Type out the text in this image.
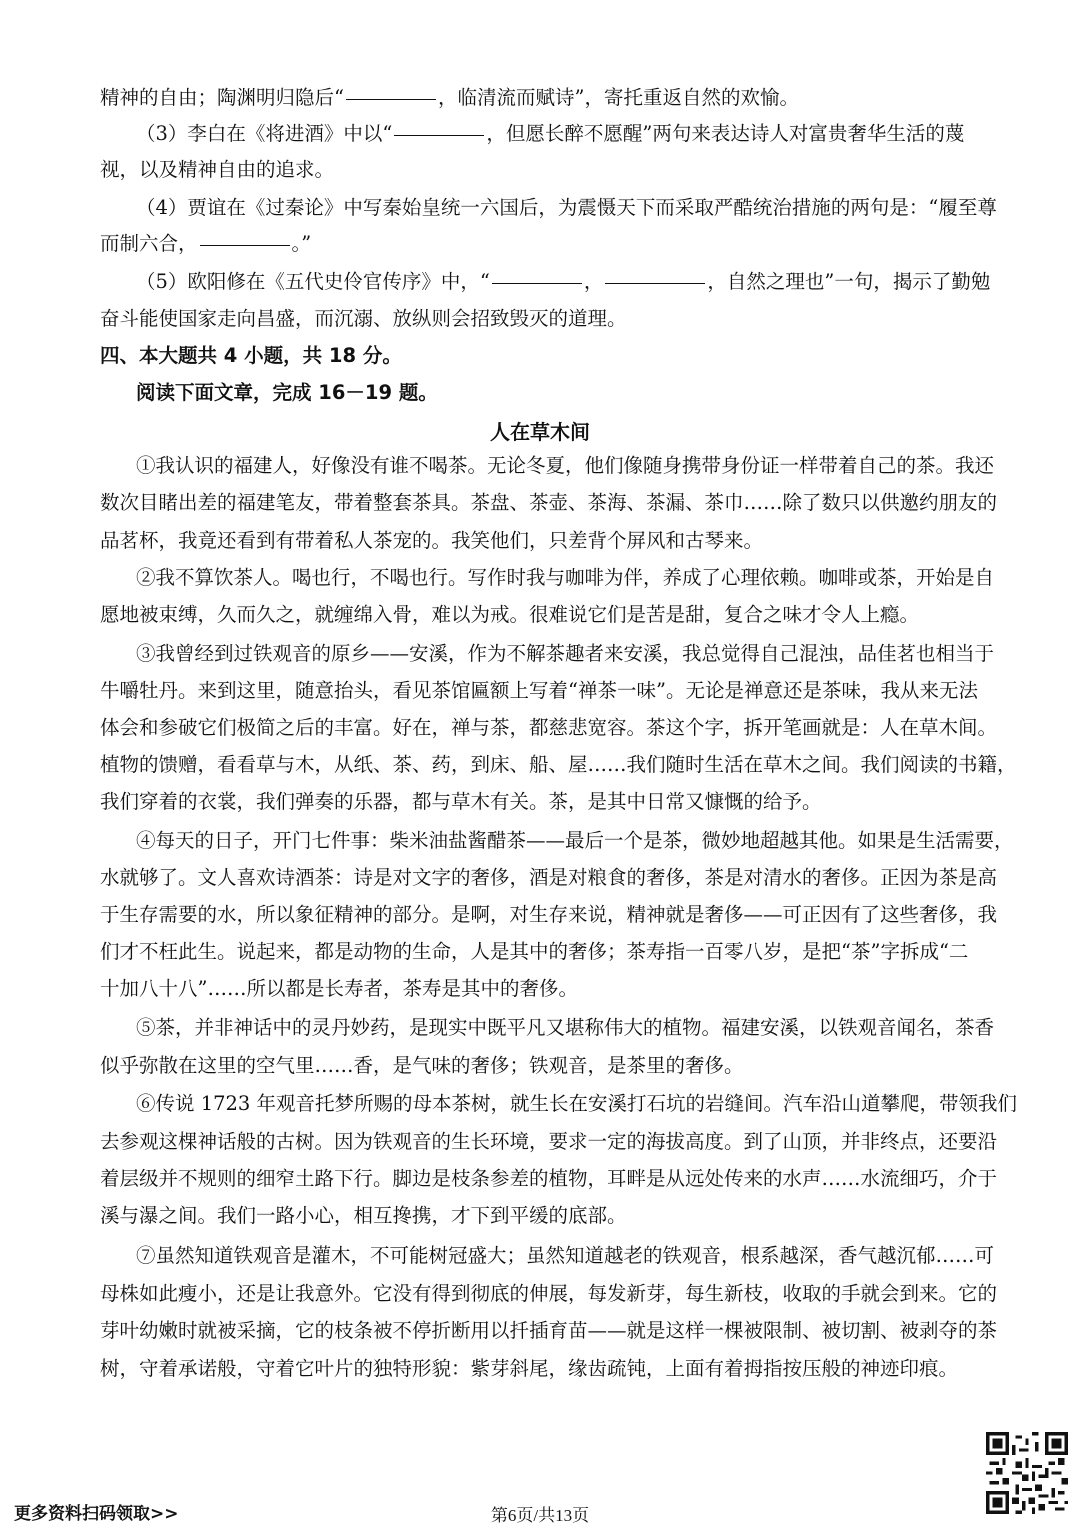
精神的自由；陶渊明归隐后“	，临清流而赋诗”，寄托重返自然的欢愉。
（3）李白在《将进酒》中以“	，但愿长醉不愿醒”两句来表达诗人对富贵奢华生活的蔑
视，以及精神自由的追求。
（4）贾谊在《过秦论》中写秦始皇统一六国后，为震慑天下而采取严酷统治措施的两句是：“履至尊
而制六合，	。”
（5）欧阳修在《五代史伶官传序》中，“	，	，自然之理也”一句，揭示了勤勉
奋斗能使国家走向昌盛，而沉溺、放纵则会招致毁灭的道理。
四、本大题共 4 小题，共 18 分。
阅读下面文章，完成 16－19 题。
人在草木间
①我认识的福建人，好像没有谁不喝茶。无论冬夏，他们像随身携带身份证一样带着自己的茶。我还
数次目睹出差的福建笔友，带着整套茶具。茶盘、茶壶、茶海、茶漏、茶巾……除了数只以供邀约朋友的
品茗杯，我竟还看到有带着私人茶宠的。我笑他们，只差背个屏风和古琴来。
②我不算饮茶人。喝也行，不喝也行。写作时我与咖啡为伴，养成了心理依赖。咖啡或茶，开始是自
愿地被束缚，久而久之，就缠绵入骨，难以为戒。很难说它们是苦是甜，复合之味才令人上瘾。
③我曾经到过铁观音的原乡——安溪，作为不解茶趣者来安溪，我总觉得自己混浊，品佳茗也相当于
牛嚼牡丹。来到这里，随意抬头，看见茶馆匾额上写着“禅茶一味”。无论是禅意还是茶味，我从来无法
体会和参破它们极简之后的丰富。好在，禅与茶，都慈悲宽容。茶这个字，拆开笔画就是：人在草木间。
植物的馈赠，看看草与木，从纸、茶、药，到床、船、屋……我们随时生活在草木之间。我们阅读的书籍，
我们穿着的衣裳，我们弹奏的乐器，都与草木有关。茶，是其中日常又慷慨的给予。
④每天的日子，开门七件事：柴米油盐酱醋茶——最后一个是茶，微妙地超越其他。如果是生活需要，
水就够了。文人喜欢诗酒茶：诗是对文字的奢侈，酒是对粮食的奢侈，茶是对清水的奢侈。正因为茶是高
于生存需要的水，所以象征精神的部分。是啊，对生存来说，精神就是奢侈——可正因有了这些奢侈，我
们才不枉此生。说起来，都是动物的生命，人是其中的奢侈；茶寿指一百零八岁，是把“茶”字拆成“二
十加八十八”……所以都是长寿者，茶寿是其中的奢侈。
⑤茶，并非神话中的灵丹妙药，是现实中既平凡又堪称伟大的植物。福建安溪，以铁观音闻名，茶香
似乎弥散在这里的空气里……香，是气味的奢侈；铁观音，是茶里的奢侈。
⑥传说 1723 年观音托梦所赐的母本茶树，就生长在安溪打石坑的岩缝间。汽车沿山道攀爬，带领我们
去参观这棵神话般的古树。因为铁观音的生长环境，要求一定的海拔高度。到了山顶，并非终点，还要沿
着层级并不规则的细窄土路下行。脚边是枝条参差的植物，耳畔是从远处传来的水声……水流细巧，介于
溪与瀑之间。我们一路小心，相互搀携，才下到平缓的底部。
⑦虽然知道铁观音是灌木，不可能树冠盛大；虽然知道越老的铁观音，根系越深，香气越沉郁……可
母株如此瘦小，还是让我意外。它没有得到彻底的伸展，每发新芽，每生新枝，收取的手就会到来。它的
芽叶幼嫩时就被采摘，它的枝条被不停折断用以扦插育苗——就是这样一棵被限制、被切割、被剥夺的茶
树，守着承诺般，守着它叶片的独特形貌：紫芽斜尾，缘齿疏钝，上面有着拇指按压般的神迹印痕。
更多资料扫码领取>>	第6页/共13页
